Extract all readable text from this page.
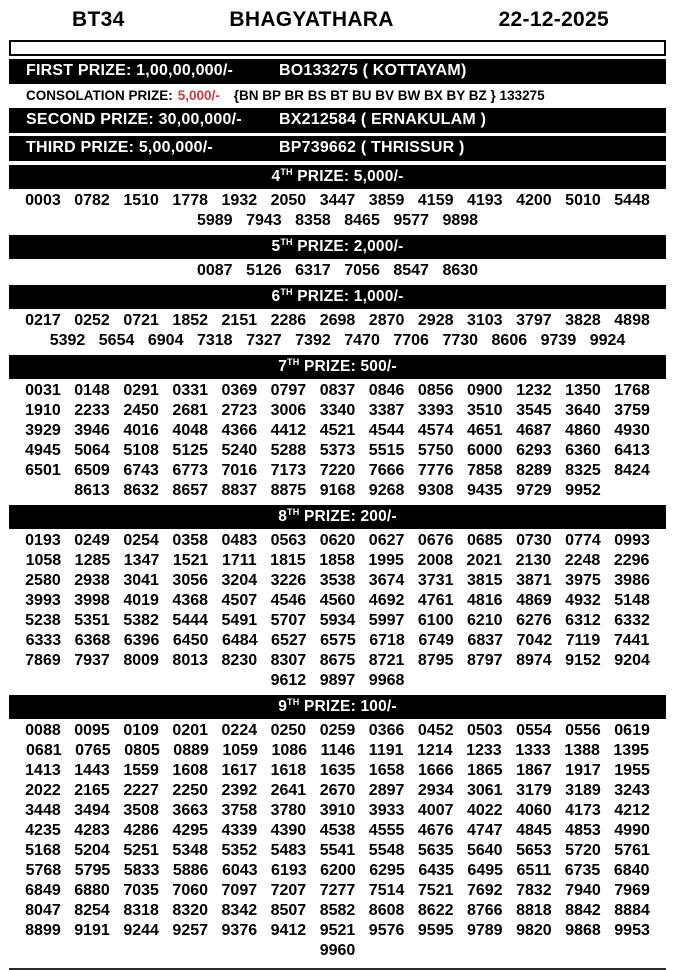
BT34	BHAGYATHARA	22-12-2025
FIRST PRIZE: 1,00,00,000/-	BO133275 ( KOTTAYAM)
CONSOLATION PRIZE: 5,000/- {BN BP BR BS BT BU BV BW BX BY BZ } 133275
SECOND PRIZE: 30,00,000/-	BX212584 ( ERNAKULAM )
THIRD PRIZE: 5,00,000/-	BP739662 ( THRISSUR )
4TH PRIZE: 5,000/-
0003 0782 1510 1778 1932 2050 3447 3859 4159 4193 4200 5010 5448
5989 7943 8358 8465 9577 9898
5TH PRIZE: 2,000/-
0087 5126 6317 7056 8547 8630
6TH PRIZE: 1,000/-
0217 0252 0721 1852 2151 2286 2698 2870 2928 3103 3797 3828 4898
5392 5654 6904 7318 7327 7392 7470 7706 7730 8606 9739 9924
7TH PRIZE: 500/-
0031 0148 0291 0331 0369 0797 0837 0846 0856 0900 1232 1350 1768
1910 2233 2450 2681 2723 3006 3340 3387 3393 3510 3545 3640 3759
3929 3946 4016 4048 4366 4412 4521 4544 4574 4651 4687 4860 4930
4945 5064 5108 5125 5240 5288 5373 5515 5750 6000 6293 6360 6413
6501 6509 6743 6773 7016 7173 7220 7666 7776 7858 8289 8325 8424
8613 8632 8657 8837 8875 9168 9268 9308 9435 9729 9952
8TH PRIZE: 200/-
0193 0249 0254 0358 0483 0563 0620 0627 0676 0685 0730 0774 0993
1058 1285 1347 1521 1711 1815 1858 1995 2008 2021 2130 2248 2296
2580 2938 3041 3056 3204 3226 3538 3674 3731 3815 3871 3975 3986
3993 3998 4019 4368 4507 4546 4560 4692 4761 4816 4869 4932 5148
5238 5351 5382 5444 5491 5707 5934 5997 6100 6210 6276 6312 6332
6333 6368 6396 6450 6484 6527 6575 6718 6749 6837 7042 7119 7441
7869 7937 8009 8013 8230 8307 8675 8721 8795 8797 8974 9152 9204
9612 9897 9968
9TH PRIZE: 100/-
0088 0095 0109 0201 0224 0250 0259 0366 0452 0503 0554 0556 0619
0681 0765 0805 0889 1059 1086 1146 1191 1214 1233 1333 1388 1395
1413 1443 1559 1608 1617 1618 1635 1658 1666 1865 1867 1917 1955
2022 2165 2227 2250 2392 2641 2670 2897 2934 3061 3179 3189 3243
3448 3494 3508 3663 3758 3780 3910 3933 4007 4022 4060 4173 4212
4235 4283 4286 4295 4339 4390 4538 4555 4676 4747 4845 4853 4990
5168 5204 5251 5348 5352 5483 5541 5548 5635 5640 5653 5720 5761
5768 5795 5833 5886 6043 6193 6200 6295 6435 6495 6511 6735 6840
6849 6880 7035 7060 7097 7207 7277 7514 7521 7692 7832 7940 7969
8047 8254 8318 8320 8342 8507 8582 8608 8622 8766 8818 8842 8884
8899 9191 9244 9257 9376 9412 9521 9576 9595 9789 9820 9868 9953
9960
